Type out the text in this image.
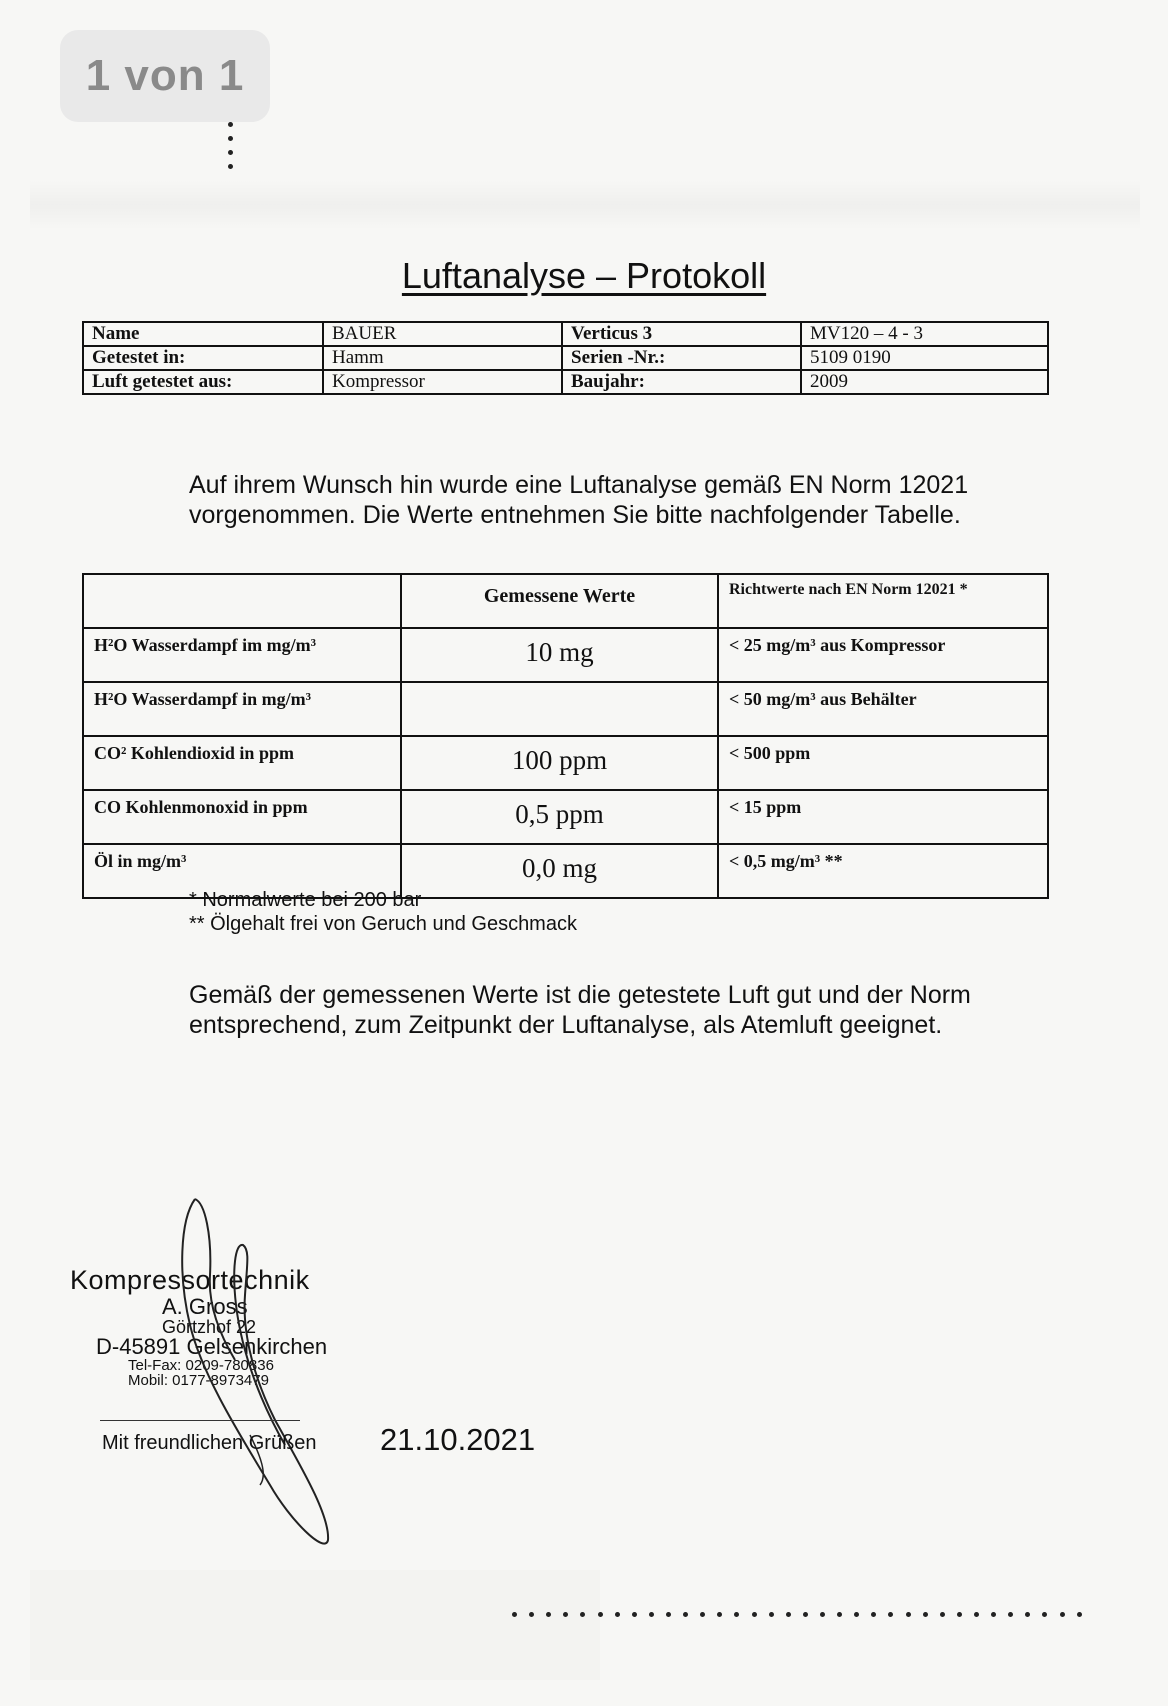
1 von 1
Luftanalyse – Protokoll
Name	BAUER	Verticus 3	MV120 – 4 - 3
Getestet in:	Hamm	Serien -Nr.:	5109 0190
Luft getestet aus:	Kompressor	Baujahr:	2009
Auf ihrem Wunsch hin wurde eine Luftanalyse gemäß EN Norm 12021 vorgenommen. Die Werte entnehmen Sie bitte nachfolgender Tabelle.
	Gemessene Werte	Richtwerte nach EN Norm 12021 *
H²O Wasserdampf im mg/m³	10 mg	< 25 mg/m³ aus Kompressor
H²O Wasserdampf in mg/m³		< 50 mg/m³ aus Behälter
CO² Kohlendioxid in ppm	100 ppm	< 500 ppm
CO Kohlenmonoxid in ppm	0,5 ppm	< 15 ppm
Öl in mg/m³	0,0 mg	< 0,5 mg/m³ **
* Normalwerte bei 200 bar
** Ölgehalt frei von Geruch und Geschmack
Gemäß der gemessenen Werte ist die getestete Luft gut und der Norm entsprechend, zum Zeitpunkt der Luftanalyse, als Atemluft geeignet.
Kompressortechnik
A. Gross
Görtzhof 22
D-45891 Gelsenkirchen
Tel-Fax: 0209-780836
Mobil: 0177-8973479
Mit freundlichen Grüßen 21.10.2021
